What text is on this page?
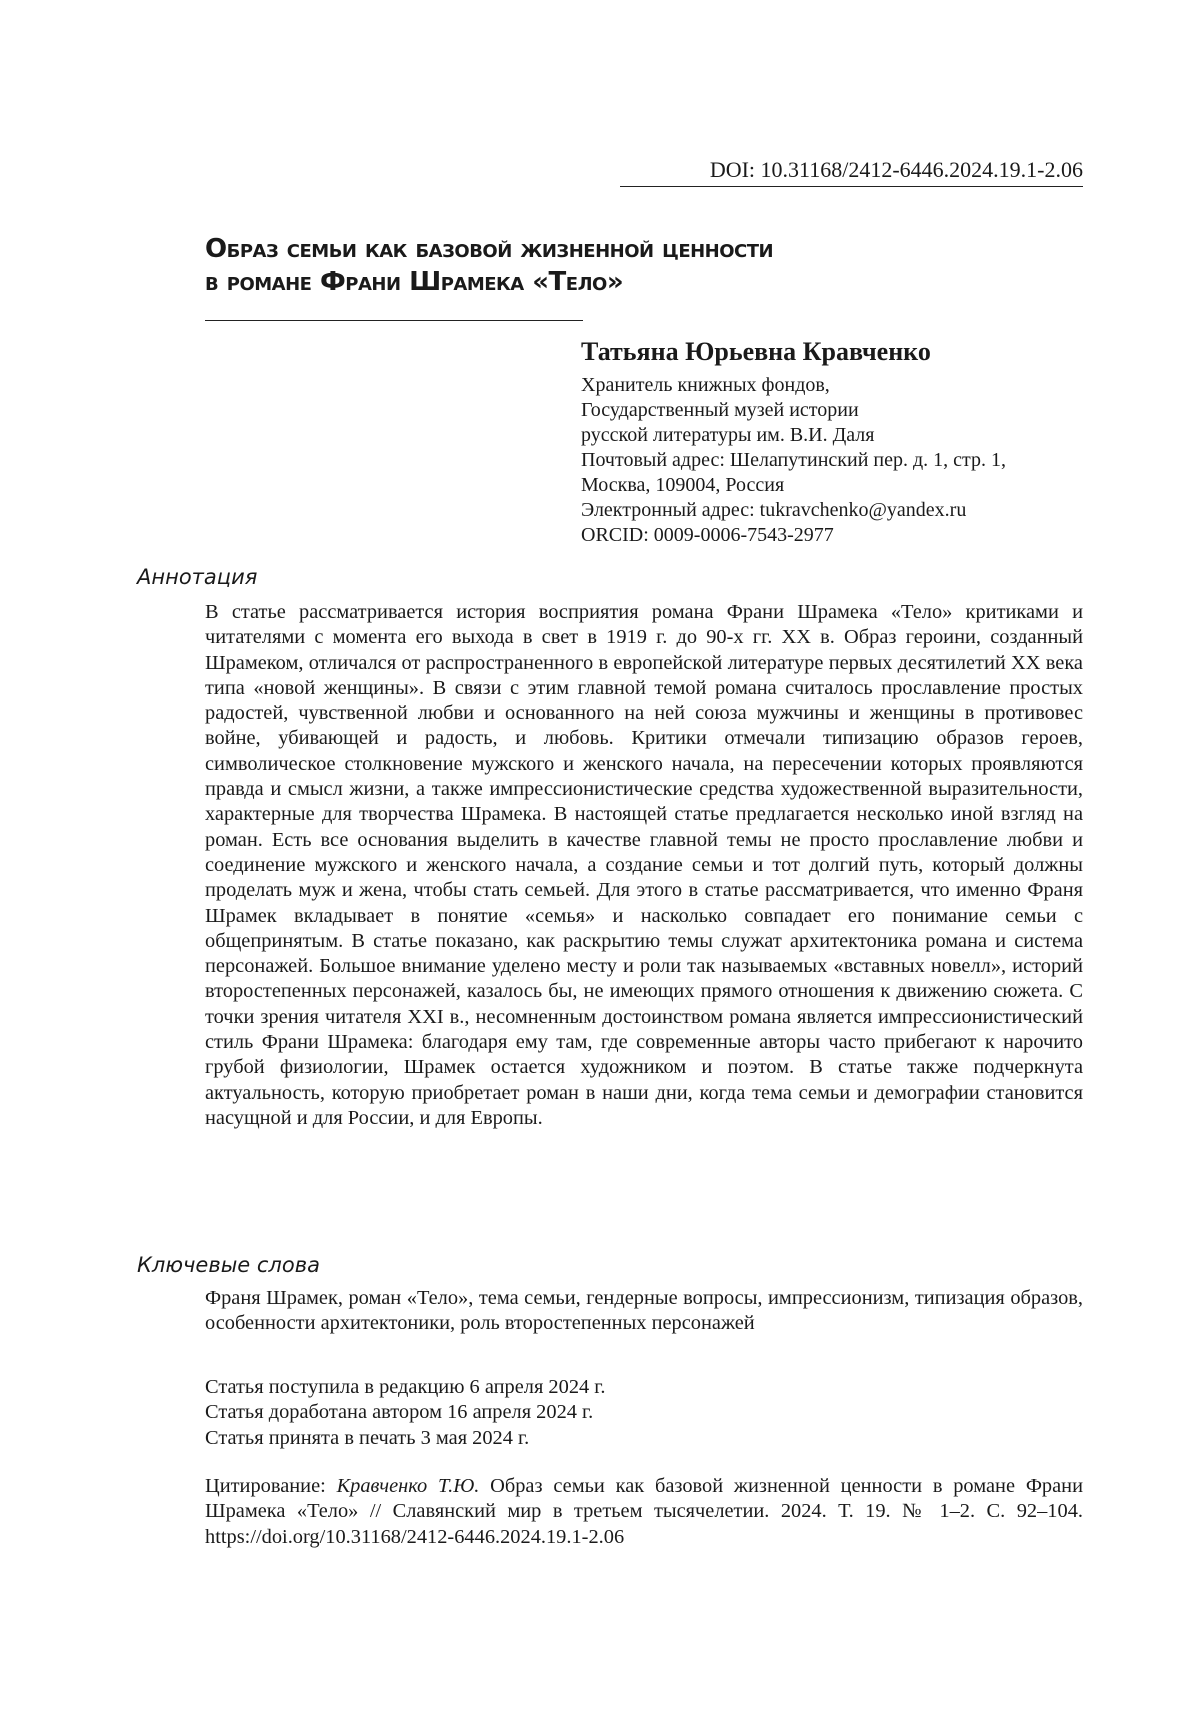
DOI: 10.31168/2412-6446.2024.19.1-2.06
Образ семьи как базовой жизненной ценности
в романе Франи Шрамека «Тело»
Татьяна Юрьевна Кравченко
Хранитель книжных фондов,
Государственный музей истории
русской литературы им. В.И. Даля
Почтовый адрес: Шелапутинский пер. д. 1, стр. 1,
Москва, 109004, Россия
Электронный адрес: tukravchenko@yandex.ru
ORCID: 0009-0006-7543-2977
Аннотация
В статье рассматривается история восприятия романа Франи Шрамека «Тело» критиками и читателями с момента его выхода в свет в 1919 г. до 90-х гг. XX в. Образ героини, созданный Шрамеком, отличался от распространенного в европейской литературе первых десятилетий XX века типа «новой женщины». В связи с этим главной темой романа считалось прославление простых радостей, чувственной любви и основанного на ней союза мужчины и женщины в противовес войне, убивающей и радость, и любовь. Критики отмечали типизацию образов героев, символическое столкновение мужского и женского начала, на пересечении которых проявляются правда и смысл жизни, а также импрессионистические средства художественной выразительности, характерные для творчества Шрамека. В настоящей статье предлагается несколько иной взгляд на роман. Есть все основания выделить в качестве главной темы не просто прославление любви и соединение мужского и женского начала, а создание семьи и тот долгий путь, который должны проделать муж и жена, чтобы стать семьей. Для этого в статье рассматривается, что именно Франя Шрамек вкладывает в понятие «семья» и насколько совпадает его понимание семьи с общепринятым. В статье показано, как раскрытию темы служат архитектоника романа и система персонажей. Большое внимание уделено месту и роли так называемых «вставных новелл», историй второстепенных персонажей, казалось бы, не имеющих прямого отношения к движению сюжета. С точки зрения читателя XXI в., несомненным достоинством романа является импрессионистический стиль Франи Шрамека: благодаря ему там, где современные авторы часто прибегают к нарочито грубой физиологии, Шрамек остается художником и поэтом. В статье также подчеркнута актуальность, которую приобретает роман в наши дни, когда тема семьи и демографии становится насущной и для России, и для Европы.
Ключевые слова
Франя Шрамек, роман «Тело», тема семьи, гендерные вопросы, импрессионизм, типизация образов, особенности архитектоники, роль второстепенных персонажей
Статья поступила в редакцию 6 апреля 2024 г.
Статья доработана автором 16 апреля 2024 г.
Статья принята в печать 3 мая 2024 г.
Цитирование: Кравченко Т.Ю. Образ семьи как базовой жизненной ценности в романе Франи Шрамека «Тело» // Славянский мир в третьем тысячелетии. 2024. Т. 19. № 1–2. С. 92–104. https://doi.org/10.31168/2412-6446.2024.19.1-2.06
